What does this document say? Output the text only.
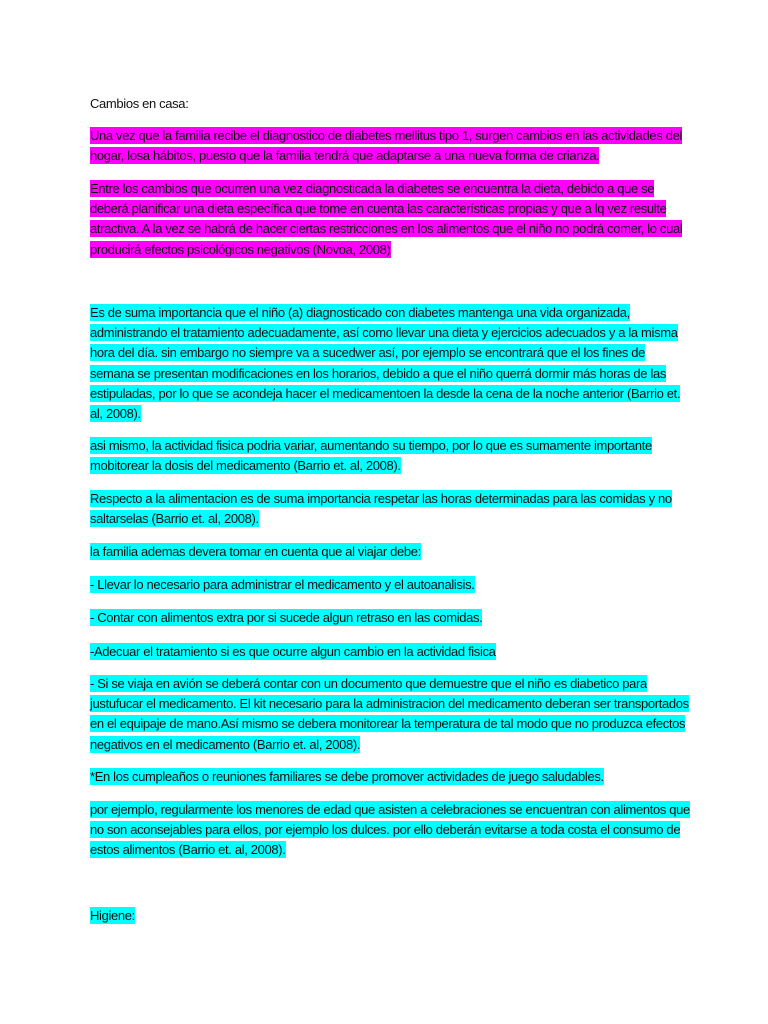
Cambios en casa:

Una vez que la familia recibe el diagnostico de diabetes mellitus tipo 1, surgen cambios en las actividades del hogar, losa hábitos, puesto que la familia tendrá que adaptarse a una nueva forma de crianza.

Entre los cambios que ocurren una vez diagnosticada la diabetes se encuentra la dieta, debido a que se deberá planificar una dieta específica que tome en cuenta las características propias y que a lq vez resulte atractiva. A la vez se habrá de hacer ciertas restricciones en los alimentos que el niño no podrá comer, lo cual producirá efectos psicológicos negativos (Novoa, 2008)

Es de suma importancia que el niño (a) diagnosticado con diabetes mantenga una vida organizada, administrando el tratamiento adecuadamente, así como llevar una dieta y ejercicios adecuados y a la misma hora del día. sin embargo no siempre va a sucedwer así, por ejemplo se encontrará que el los fines de semana se presentan modificaciones en los horarios, debido a que el niño querrá dormir más horas de las estipuladas, por lo que se acondeja hacer el medicamentoen la desde la cena de la noche anterior (Barrio et. al, 2008).

asi mismo, la actividad fisica podria variar, aumentando su tiempo, por lo que es sumamente importante mobitorear la dosis del medicamento (Barrio et. al, 2008).

Respecto a la alimentacion es de suma importancia respetar las horas determinadas para las comidas y no saltarselas (Barrio et. al, 2008).

la familia ademas devera tomar en cuenta que al viajar debe:

- Llevar lo necesario para administrar el medicamento y el autoanalisis.

- Contar con alimentos extra por si sucede algun retraso en las comidas.

-Adecuar el tratamiento si es que ocurre algun cambio en la actividad fisica

- Si se viaja en avión se deberá contar con un documento que demuestre que el niño es diabetico para justufucar el medicamento. El kit necesario para la administracion del medicamento deberan ser transportados en el equipaje de mano.Así mismo se debera monitorear la temperatura de tal modo que no produzca efectos negativos en el medicamento (Barrio et. al, 2008).

*En los cumpleaños o reuniones familiares se debe promover actividades de juego saludables.

por ejemplo, regularmente los menores de edad que asisten a celebraciones se encuentran con alimentos que no son aconsejables para ellos, por ejemplo los dulces. por ello deberán evitarse a toda costa el consumo de estos alimentos (Barrio et. al, 2008).

Higiene:
